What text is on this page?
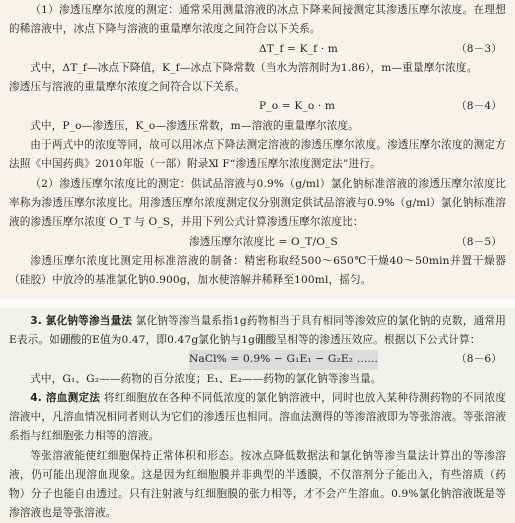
（1）渗透压摩尔浓度的测定：通常采用测量溶液的冰点下降来间接测定其渗透压摩尔浓度。在理想的稀溶液中，冰点下降与溶液的重量摩尔浓度之间符合以下关系。

ΔT_f = K_f · m	（8－3）

式中，ΔT_f—冰点下降值，K_f—冰点下降常数（当水为溶剂时为1.86），m—重量摩尔浓度。

渗透压与溶液的重量摩尔浓度之间符合以下关系。

P_o = K_o · m	（8－4）

式中，P_o—渗透压，K_o—渗透压常数，m—溶液的重量摩尔浓度。

由于两式中的浓度等同，故可以用冰点下降法测定溶液的渗透压摩尔浓度。渗透压摩尔浓度的测定方法照《中国药典》2010年版（一部）附录Ⅺ F“渗透压摩尔浓度测定法”进行。

（2）渗透压摩尔浓度比的测定：供试品溶液与0.9%（g/ml）氯化钠标准溶液的渗透压摩尔浓度比率称为渗透压摩尔浓度比。用渗透压摩尔浓度测定仪分别测定供试品溶液与0.9%（g/ml）氯化钠标准溶液的渗透压摩尔浓度 O_T 与 O_S，并用下列公式计算渗透压摩尔浓度比：

渗透压摩尔浓度比 = O_T/O_S	（8－5）

渗透压摩尔浓度比测定用标准溶液的制备：精密称取经500～650℃干燥40～50min并置干燥器（硅胶）中放冷的基准氯化钠0.900g，加水使溶解并稀释至100ml，摇匀。

3. 氯化钠等渗当量法 氯化钠等渗当量系指1g药物相当于具有相同等渗效应的氯化钠的克数，通常用E表示。如硼酸的E值为0.47，即0.47g氯化钠与1g硼酸呈相等的渗透压效应。根据以下公式计算：

NaCl% = 0.9% − G₁E₁ − G₂E₂ ……	（8－6）

式中，G₁、G₂——药物的百分浓度；E₁、E₂——药物的氯化钠等渗当量。

4. 溶血测定法 将红细胞放在各种不同低浓度的氯化钠溶液中，同时也放入某种待测药物的不同浓度溶液中，凡溶血情况相同者则认为它们的渗透压也相同。溶血法测得的等渗溶液即为等张溶液。等张溶液系指与红细胞张力相等的溶液。

等张溶液能使红细胞保持正常体积和形态。按冰点降低数据法和氯化钠等渗当量法计算出的等渗溶液，仍可能出现溶血现象。这是因为红细胞膜并非典型的半透膜，不仅溶剂分子能出入，有些溶质（药物）分子也能自由透过。只有注射液与红细胞膜的张力相等，才不会产生溶血。0.9%氯化钠溶液既是等渗溶液也是等张溶液。
